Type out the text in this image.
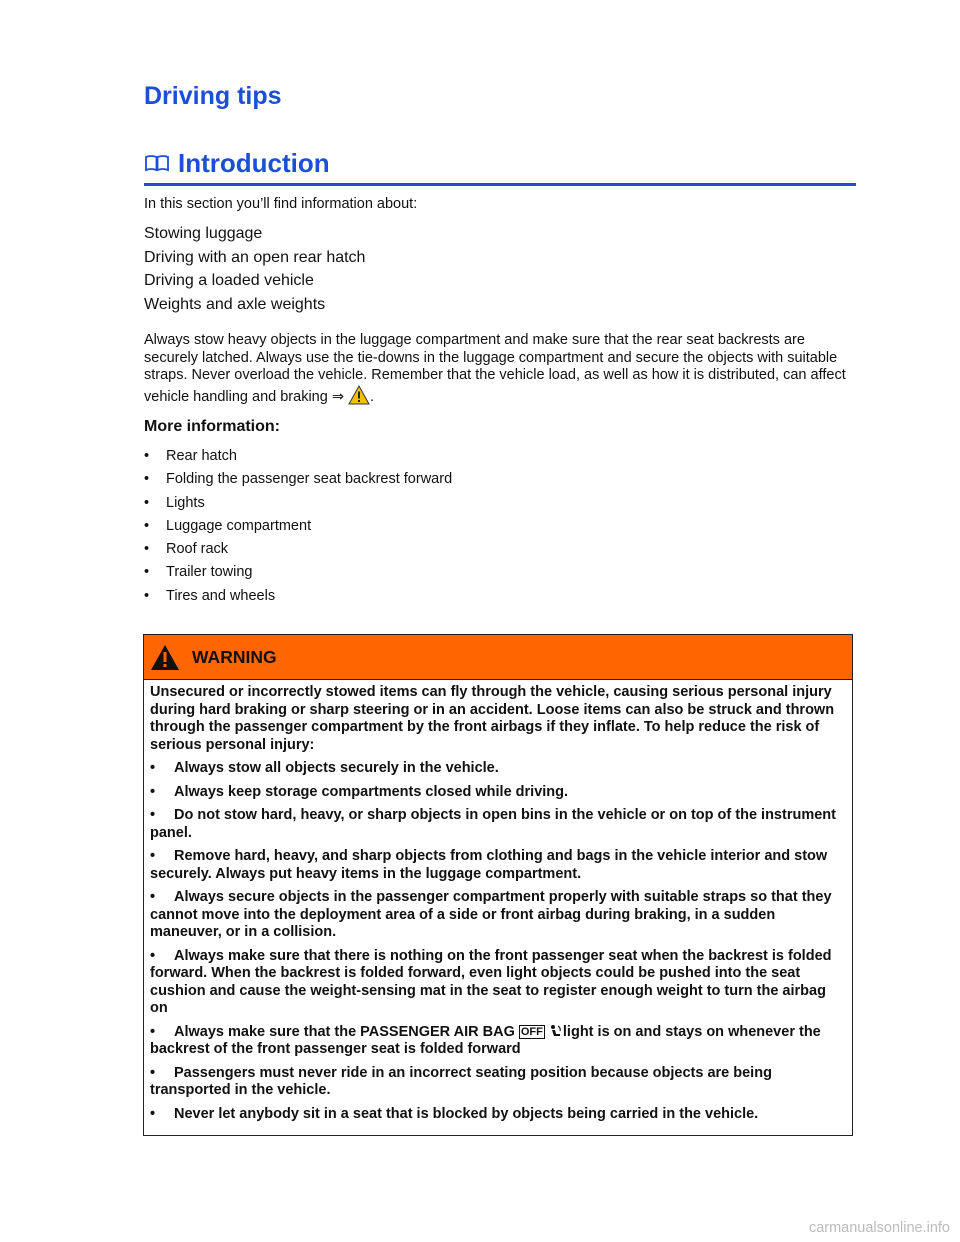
Driving tips
Introduction

In this section you’ll find information about:

Stowing luggage
Driving with an open rear hatch
Driving a loaded vehicle
Weights and axle weights

Always stow heavy objects in the luggage compartment and make sure that the rear seat backrests are securely latched. Always use the tie-downs in the luggage compartment and secure the objects with suitable straps. Never overload the vehicle. Remember that the vehicle load, as well as how it is distributed, can affect vehicle handling and braking ⇒ .

More information:

•	Rear hatch
•	Folding the passenger seat backrest forward
•	Lights
•	Luggage compartment
•	Roof rack
•	Trailer towing
•	Tires and wheels
WARNING

Unsecured or incorrectly stowed items can fly through the vehicle, causing serious personal injury during hard braking or sharp steering or in an accident. Loose items can also be struck and thrown through the passenger compartment by the front airbags if they inflate. To help reduce the risk of serious personal injury:

• Always stow all objects securely in the vehicle.
• Always keep storage compartments closed while driving.
• Do not stow hard, heavy, or sharp objects in open bins in the vehicle or on top of the instrument panel.
• Remove hard, heavy, and sharp objects from clothing and bags in the vehicle interior and stow securely. Always put heavy items in the luggage compartment.
• Always secure objects in the passenger compartment properly with suitable straps so that they cannot move into the deployment area of a side or front airbag during braking, in a sudden maneuver, or in a collision.
• Always make sure that there is nothing on the front passenger seat when the backrest is folded forward. When the backrest is folded forward, even light objects could be pushed into the seat cushion and cause the weight-sensing mat in the seat to register enough weight to turn the airbag on
• Always make sure that the PASSENGER AIR BAG OFF light is on and stays on whenever the backrest of the front passenger seat is folded forward
• Passengers must never ride in an incorrect seating position because objects are being transported in the vehicle.
• Never let anybody sit in a seat that is blocked by objects being carried in the vehicle.
carmanualsonline.info
